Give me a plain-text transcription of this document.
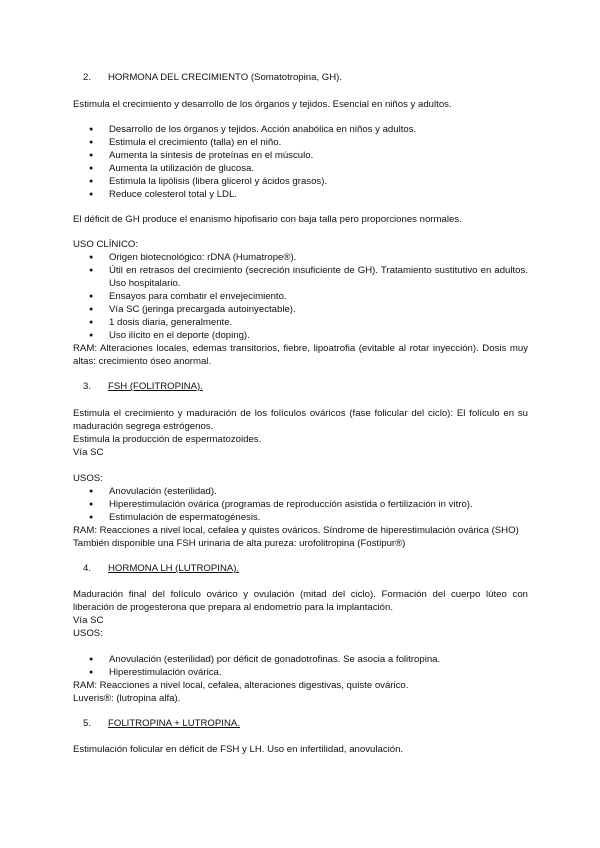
2.	HORMONA DEL CRECIMIENTO (Somatotropina, GH).

Estimula el crecimiento y desarrollo de los órganos y tejidos. Esencial en niños y adultos.

● Desarrollo de los órganos y tejidos. Acción anabólica en niños y adultos.
● Estimula el crecimiento (talla) en el niño.
● Aumenta la síntesis de proteínas en el músculo.
● Aumenta la utilización de glucosa.
● Estimula la lipólisis (libera glicerol y ácidos grasos).
● Reduce colesterol total y LDL.

El déficit de GH produce el enanismo hipofisario con baja talla pero proporciones normales.

USO CLÍNICO:

● Origen biotecnológico: rDNA (Humatrope®).
● Útil en retrasos del crecimiento (secreción insuficiente de GH). Tratamiento sustitutivo en adultos. Uso hospitalario.
● Ensayos para combatir el envejecimiento.
● Vía SC (jeringa precargada autoinyectable).
● 1 dosis diaria, generalmente.
● Uso ilícito en el deporte (doping).

RAM: Alteraciones locales, edemas transitorios, fiebre, lipoatrofia (evitable al rotar inyección). Dosis muy altas: crecimiento óseo anormal.

3.	FSH (FOLITROPINA).

Estimula el crecimiento y maduración de los folículos ováricos (fase folicular del ciclo): El folículo en su maduración segrega estrógenos.

Estimula la producción de espermatozoides.

Vía SC

USOS:

● Anovulación (esterilidad).
● Hiperestimulación ovárica (programas de reproducción asistida o fertilización in vitro).
● Estimulación de espermatogénesis.

RAM: Reacciones a nivel local, cefalea y quistes ováricos. Síndrome de hiperestimulación ovárica (SHO)

También disponible una FSH urinaria de alta pureza: urofolitropina (Fostipur®)

4.	HORMONA LH (LUTROPINA).

Maduración final del folículo ovárico y ovulación (mitad del ciclo). Formación del cuerpo lúteo con liberación de progesterona que prepara al endometrio para la implantación.

Vía SC

USOS:

● Anovulación (esterilidad) por déficit de gonadotrofinas. Se asocia a folitropina.
● Hiperestimulación ovárica.

RAM: Reacciones a nivel local, cefalea, alteraciones digestivas, quiste ovárico.

Luveris®: (lutropina alfa).

5.	FOLITROPINA + LUTROPINA.

Estimulación folicular en déficit de FSH y LH. Uso en infertilidad, anovulación.
